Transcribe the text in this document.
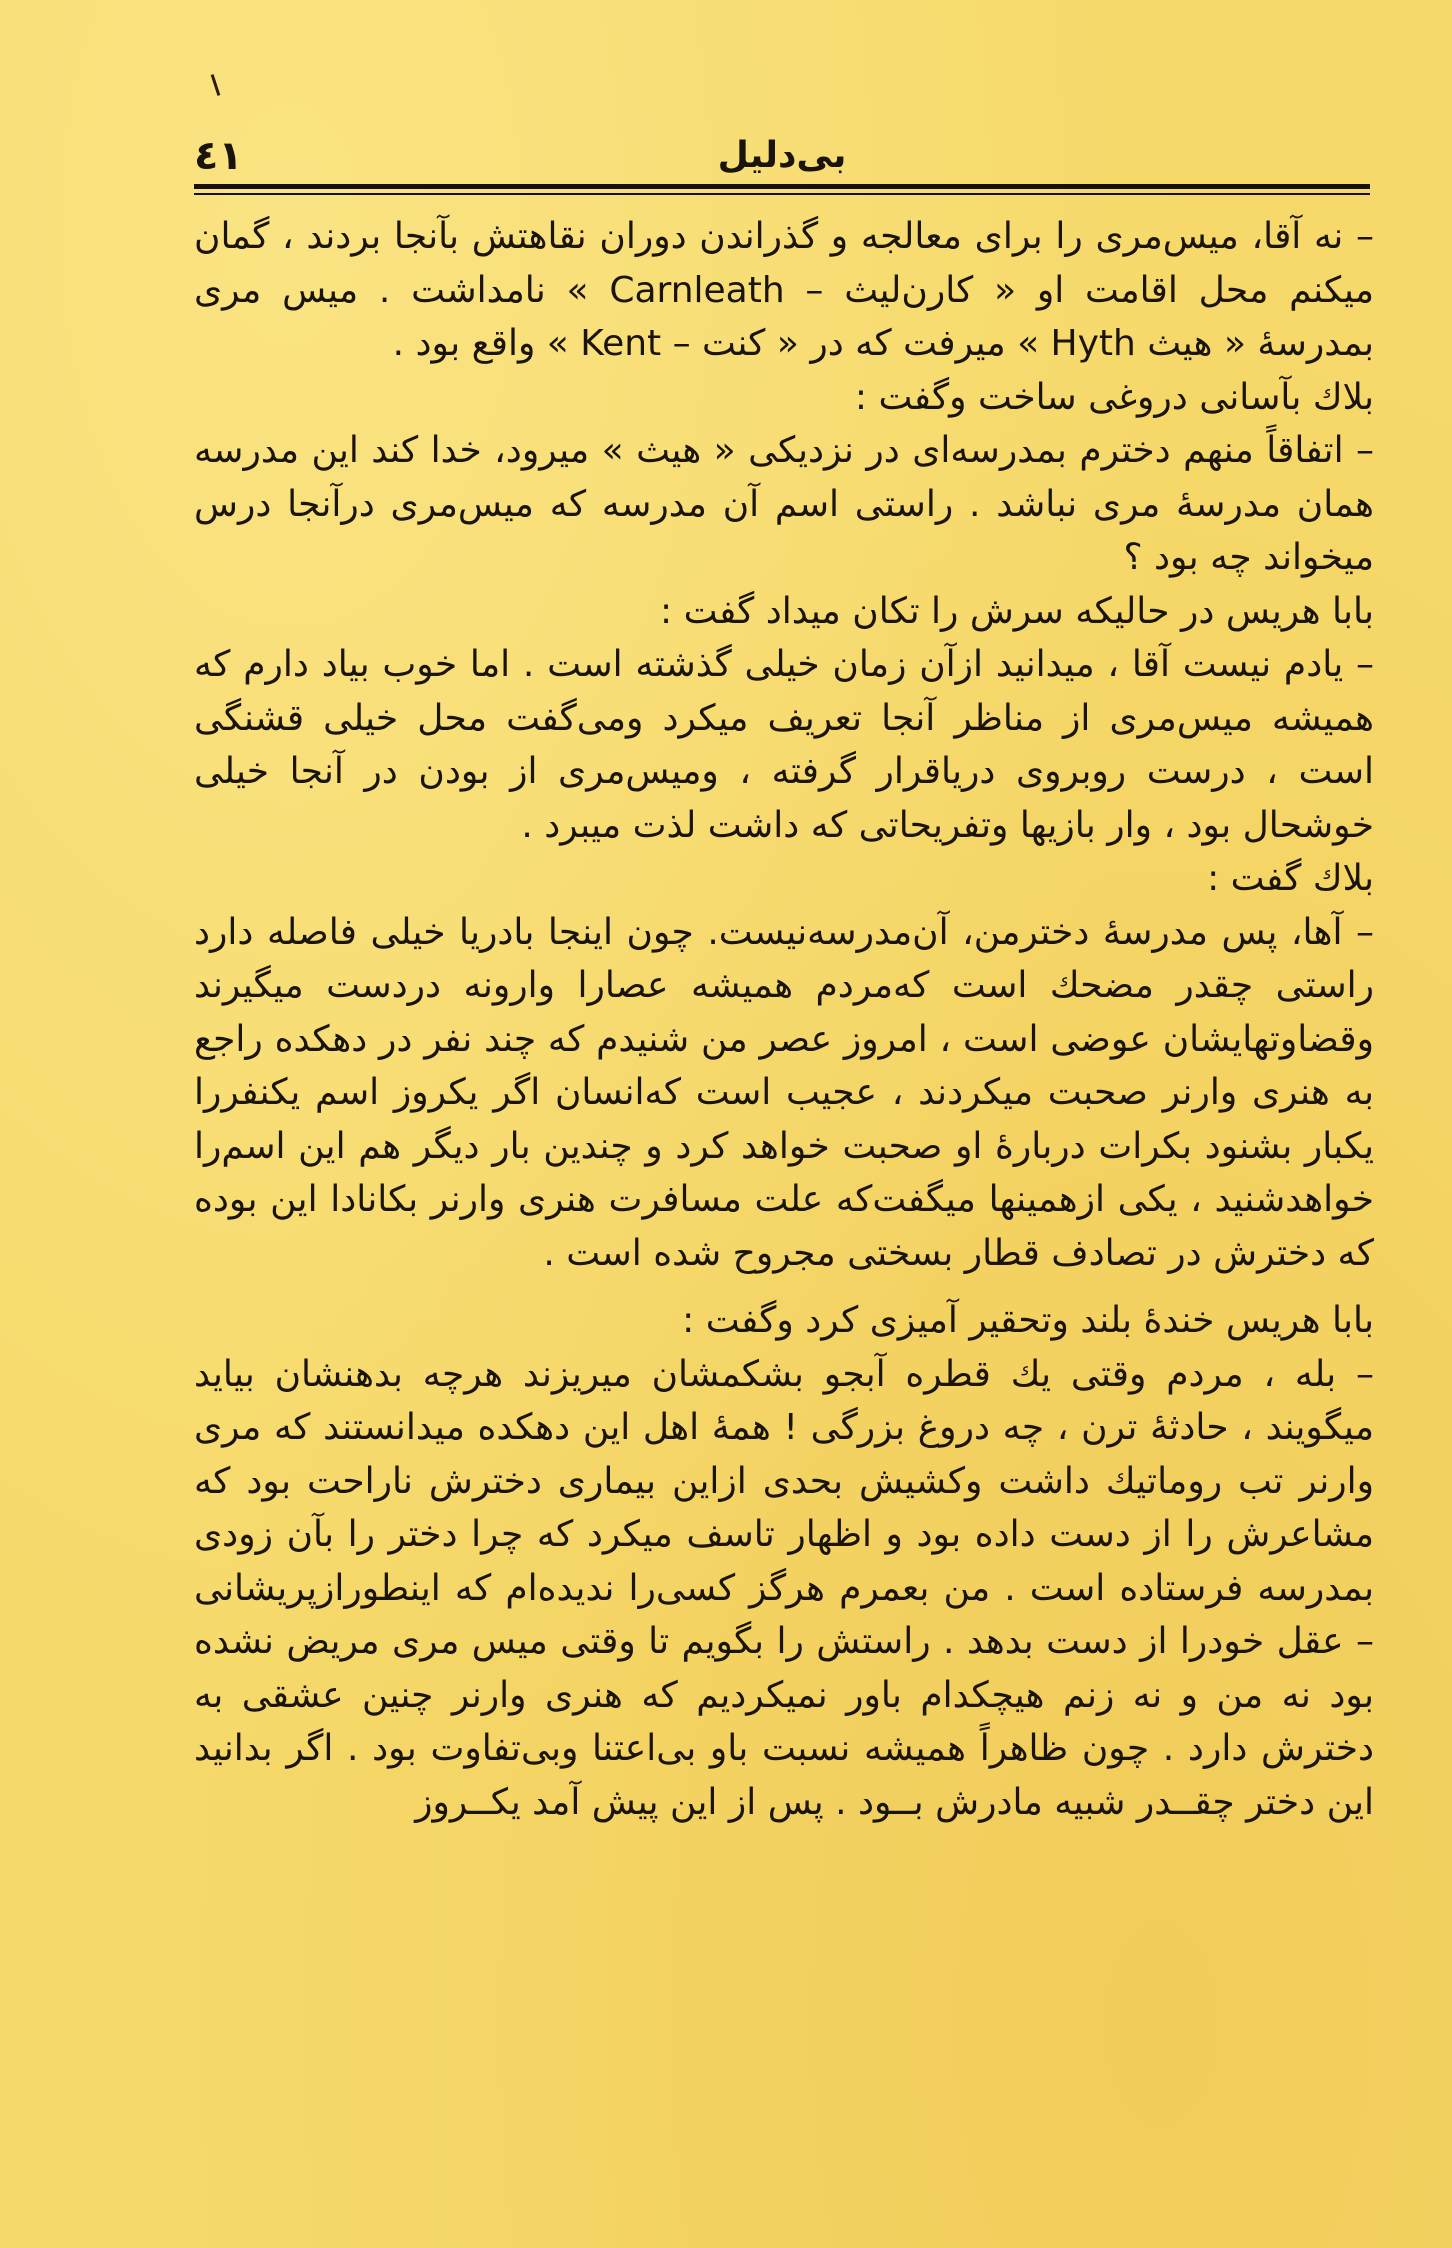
٤١	بی‌دلیل

– نه آقا، میس‌مری را برای معالجه و گذراندن دوران نقاهتش بآنجا بردند ، گمان میکنم محل اقامت او « کارن‌لیث – Carnleath » نامداشت . میس مری بمدرسهٔ « هیث Hyth » میرفت که در « کنت – Kent » واقع بود .

بلاك بآسانی دروغی ساخت وگفت :

– اتفاقاً منهم دخترم بمدرسه‌ای در نزدیکی « هیث » میرود، خدا کند این مدرسه همان مدرسهٔ مری نباشد . راستی اسم آن مدرسه که میس‌مری درآنجا درس میخواند چه بود ؟

بابا هریس در حالیکه سرش را تکان میداد گفت :

– یادم نیست آقا ، میدانید ازآن زمان خیلی گذشته است . اما خوب بیاد دارم که همیشه میس‌مری از مناظر آنجا تعریف میکرد ومی‌گفت محل خیلی قشنگی است ، درست روبروی دریاقرار گرفته ، ومیس‌مری از بودن در آنجا خیلی خوشحال بود ، وار بازیها وتفریحاتی که داشت لذت میبرد .

بلاك گفت :

– آها، پس مدرسهٔ دخترمن، آن‌مدرسه‌نیست. چون اینجا بادریا خیلی فاصله دارد راستی چقدر مضحك است که‌مردم همیشه عصارا وارونه دردست میگیرند وقضاوتهایشان عوضی است ، امروز عصر من شنیدم که چند نفر در دهکده راجع به هنری وارنر صحبت میکردند ، عجیب است که‌انسان اگر یکروز اسم یکنفررا یکبار بشنود بکرات دربارهٔ او صحبت خواهد کرد و چندین بار دیگر هم این اسم‌را خواهدشنید ، یکی ازهمینها میگفت‌که علت مسافرت هنری وارنر بکانادا این بوده که دخترش در تصادف قطار بسختی مجروح شده است .

بابا هریس خندهٔ بلند وتحقیر آمیزی کرد وگفت :

– بله ، مردم وقتی یك قطره آبجو بشکمشان میریزند هرچه بدهنشان بیاید میگویند ، حادثهٔ ترن ، چه دروغ بزرگی ! همهٔ اهل این دهکده میدانستند که مری وارنر تب روماتیك داشت وکشیش بحدی ازاین بیماری دخترش ناراحت بود که مشاعرش را از دست داده بود و اظهار تاسف میکرد که چرا دختر را بآن زودی بمدرسه فرستاده است . من بعمرم هرگز کسی‌را ندیده‌ام که اینطورازپریشانی – عقل خودرا از دست بدهد . راستش را بگویم تا وقتی میس مری مریض نشده بود نه من و نه زنم هیچکدام باور نمیکردیم که هنری وارنر چنین عشقی به دخترش دارد . چون ظاهراً همیشه نسبت باو بی‌اعتنا وبی‌تفاوت بود . اگر بدانید این دختر چقــدر شبیه مادرش بــود . پس از این پیش آمد یکــروز
